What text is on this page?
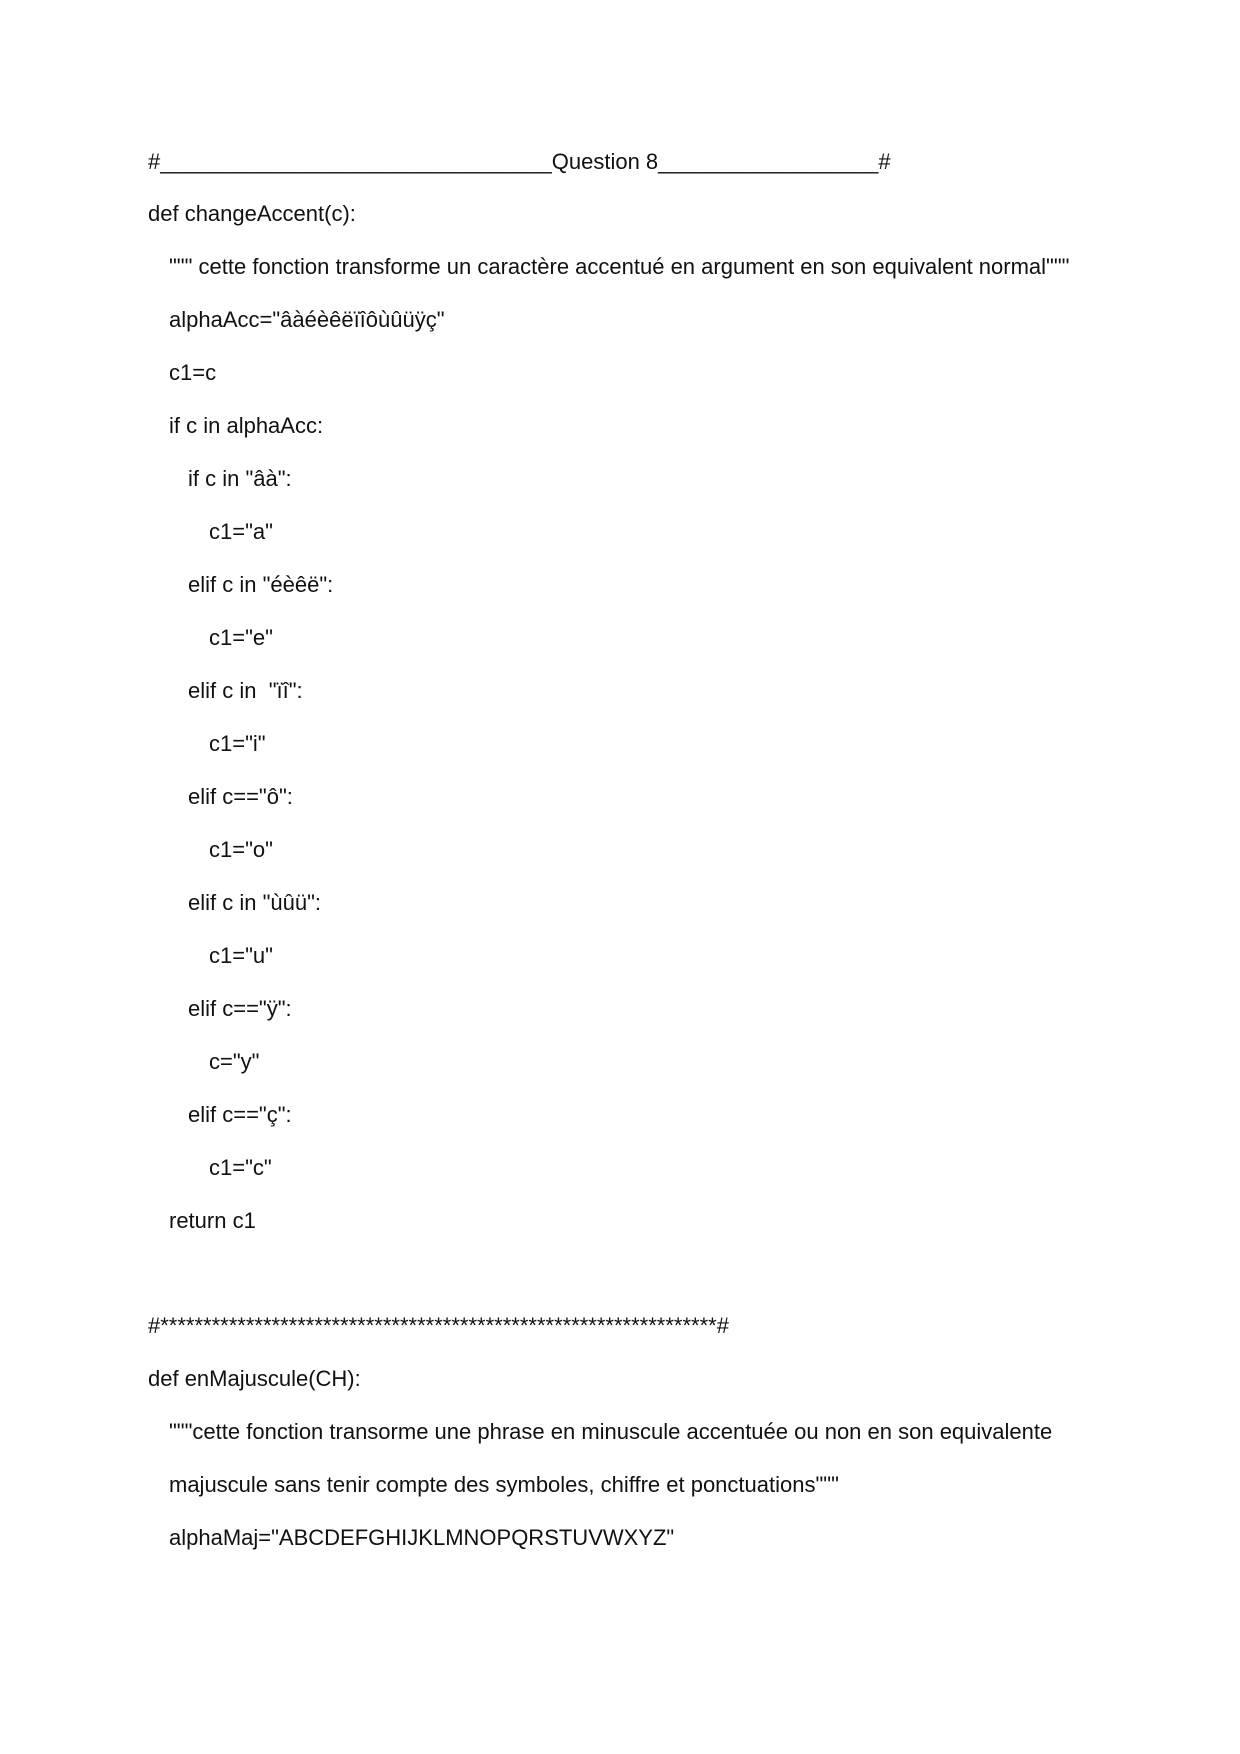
#________________________________Question 8__________________#
def changeAccent(c):
""" cette fonction transforme un caractère accentué en argument en son equivalent normal"""
alphaAcc="âàéèêëïîôùûüÿç"
c1=c
if c in alphaAcc:
if c in "âà":
c1="a"
elif c in "éèêë":
c1="e"
elif c in  "ïî":
c1="i"
elif c=="ô":
c1="o"
elif c in "ùûü":
c1="u"
elif c=="ÿ":
c="y"
elif c=="ç":
c1="c"
return c1
#*****************************************************************#
def enMajuscule(CH):
"""cette fonction transorme une phrase en minuscule accentuée ou non en son equivalente
majuscule sans tenir compte des symboles, chiffre et ponctuations"""
alphaMaj="ABCDEFGHIJKLMNOPQRSTUVWXYZ"
